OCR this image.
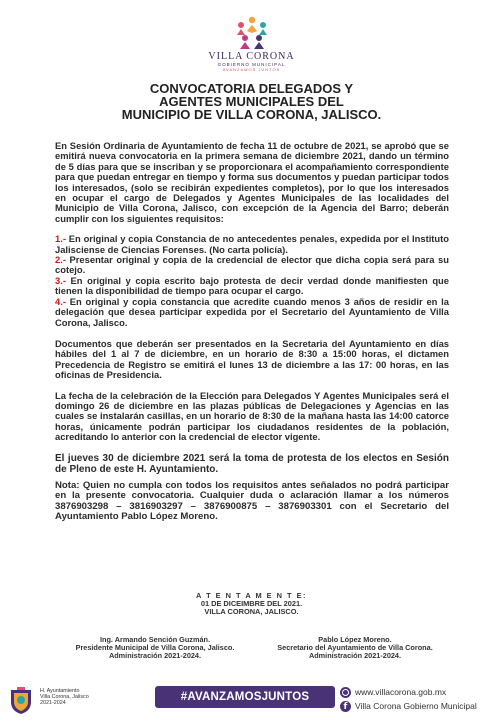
VILLA CORONA
GOBIERNO MUNICIPAL
AVANZAMOS JUNTOS
CONVOCATORIA DELEGADOS Y
AGENTES MUNICIPALES DEL
MUNICIPIO DE VILLA CORONA, JALISCO.

En Sesión Ordinaria de Ayuntamiento de fecha 11 de octubre de 2021, se aprobó que se emitirá nueva convocatoria en la primera semana de diciembre 2021, dando un término de 5 días para que se inscriban y se proporcionara el acompañamiento correspondiente para que puedan entregar en tiempo y forma sus documentos y puedan participar todos los interesados, (solo se recibirán expedientes completos), por lo que los interesados en ocupar el cargo de Delegados y Agentes Municipales de las localidades del Municipio de Villa Corona, Jalisco, con excepción de la Agencia del Barro; deberán cumplir con los siguientes requisitos:

1.- En original y copia Constancia de no antecedentes penales, expedida por el Instituto Jalisciense de Ciencias Forenses. (No carta policía).

2.- Presentar original y copia de la credencial de elector que dicha copia será para su cotejo.

3.- En original y copia escrito bajo protesta de decir verdad donde manifiesten que tienen la disponibilidad de tiempo para ocupar el cargo.

4.- En original y copia constancia que acredite cuando menos 3 años de residir en la delegación que desea participar expedida por el Secretario del Ayuntamiento de Villa Corona, Jalisco.

Documentos que deberán ser presentados en la Secretaria del Ayuntamiento en días hábiles del 1 al 7 de diciembre, en un horario de 8:30 a 15:00 horas, el dictamen Precedencia de Registro se emitirá el lunes 13 de diciembre a las 17: 00 horas, en las oficinas de Presidencia.

La fecha de la celebración de la Elección para Delegados Y Agentes Municipales será el domingo 26 de diciembre en las plazas públicas de Delegaciones y Agencias en las cuales se instalarán casillas, en un horario de 8:30 de la mañana hasta las 14:00 catorce horas, únicamente podrán participar los ciudadanos residentes de la población, acreditando lo anterior con la credencial de elector vigente.

El jueves 30 de diciembre 2021 será la toma de protesta de los electos en Sesión de Pleno de este H. Ayuntamiento.

Nota: Quien no cumpla con todos los requisitos antes señalados no podrá participar en la presente convocatoria. Cualquier duda o aclaración llamar a los números 3876903298 – 3816903297 – 3876900875 – 3876903301 con el Secretario del Ayuntamiento Pablo López Moreno.

A T E N T A M E N T E:
01 DE DICEIMBRE DEL 2021.
VILLA CORONA, JALISCO.
Ing. Armando Sención Guzmán.
Presidente Municipal de Villa Corona, Jalisco.
Administración 2021-2024.
Pablo López Moreno.
Secretario del Ayuntamiento de Villa Corona.
Administración 2021-2024.
H. Ayuntamiento
Villa Corona, Jalisco
2021-2024
#AVANZAMOSJUNTOS	www.villacorona.gob.mx
f
Villa Corona Gobierno Municipal
